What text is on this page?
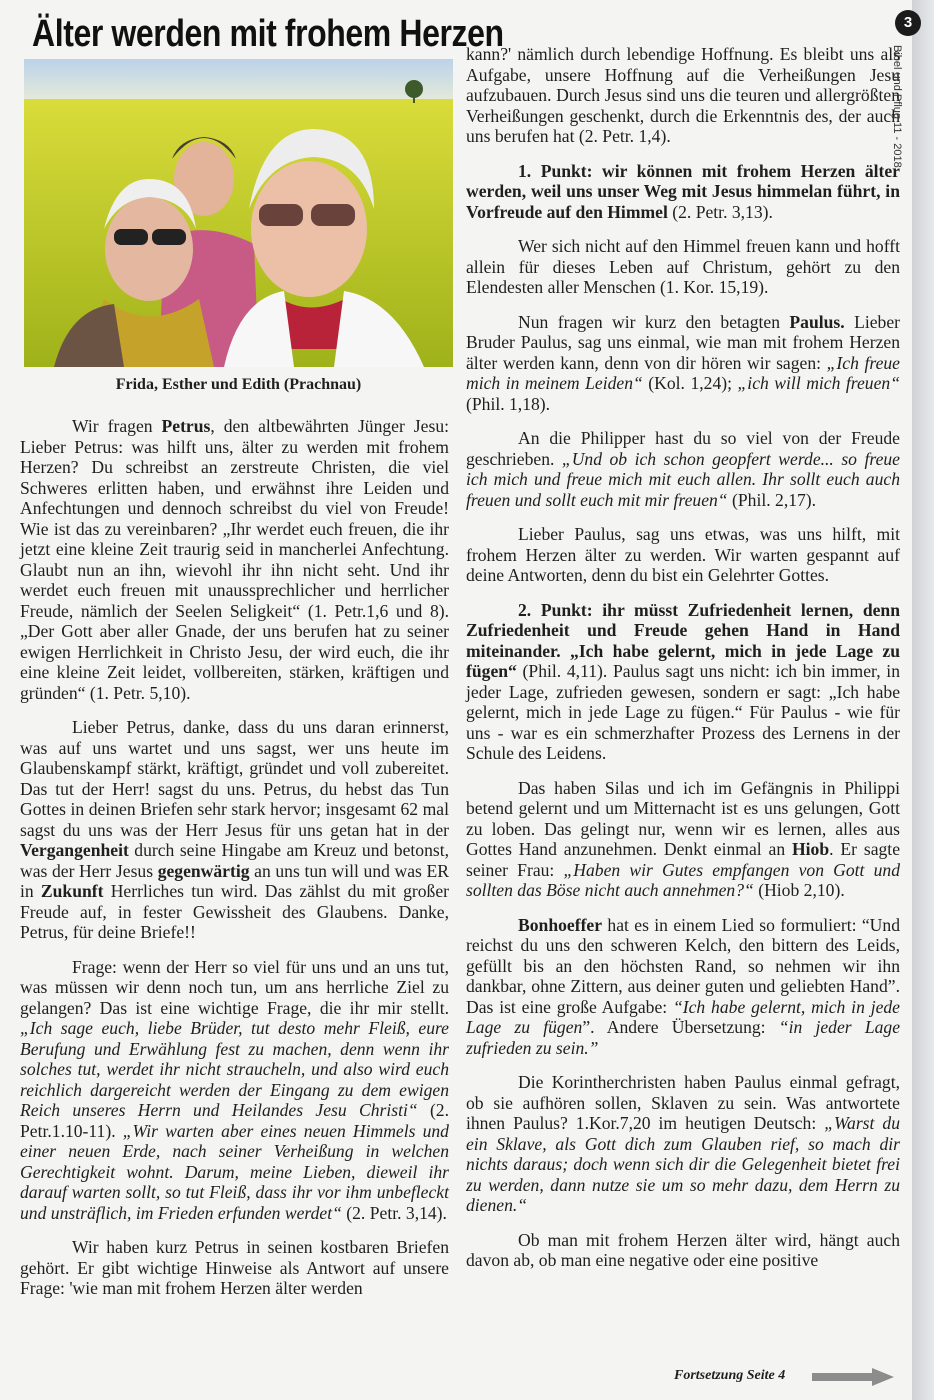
Älter werden mit frohem Herzen
Frida, Esther und Edith (Prachnau)

Wir fragen Petrus, den altbewährten Jünger Jesu: Lieber Petrus: was hilft uns, älter zu werden mit frohem Herzen? Du schreibst an zerstreute Christen, die viel Schweres erlitten haben, und erwähnst ihre Leiden und Anfechtungen und dennoch schreibst du viel von Freude! Wie ist das zu vereinbaren? „Ihr werdet euch freuen, die ihr jetzt eine kleine Zeit traurig seid in mancherlei Anfechtung. Glaubt nun an ihn, wievohl ihr ihn nicht seht. Und ihr werdet euch freuen mit unaussprechlicher und herrlicher Freude, nämlich der Seelen Seligkeit“ (1. Petr.1,6 und 8). „Der Gott aber aller Gnade, der uns berufen hat zu seiner ewigen Herrlichkeit in Christo Jesu, der wird euch, die ihr eine kleine Zeit leidet, vollbereiten, stärken, kräftigen und gründen“ (1. Petr. 5,10).

Lieber Petrus, danke, dass du uns daran erinnerst, was auf uns wartet und uns sagst, wer uns heute im Glaubenskampf stärkt, kräftigt, gründet und voll zubereitet. Das tut der Herr! sagst du uns. Petrus, du hebst das Tun Gottes in deinen Briefen sehr stark hervor; insgesamt 62 mal sagst du uns was der Herr Jesus für uns getan hat in der Vergangenheit durch seine Hingabe am Kreuz und betonst, was der Herr Jesus gegenwärtig an uns tun will und was ER in Zukunft Herrliches tun wird. Das zählst du mit großer Freude auf, in fester Gewissheit des Glaubens. Danke, Petrus, für deine Briefe!!

Frage: wenn der Herr so viel für uns und an uns tut, was müssen wir denn noch tun, um ans herrliche Ziel zu gelangen? Das ist eine wichtige Frage, die ihr mir stellt. „Ich sage euch, liebe Brüder, tut desto mehr Fleiß, eure Berufung und Erwählung fest zu machen, denn wenn ihr solches tut, werdet ihr nicht straucheln, und also wird euch reichlich dargereicht werden der Eingang zu dem ewigen Reich unseres Herrn und Heilandes Jesu Christi“ (2. Petr.1.10-11). „Wir warten aber eines neuen Himmels und einer neuen Erde, nach seiner Verheißung in welchen Gerechtigkeit wohnt. Darum, meine Lieben, dieweil ihr darauf warten sollt, so tut Fleiß, dass ihr vor ihm unbefleckt und unsträflich, im Frieden erfunden werdet“ (2. Petr. 3,14).

Wir haben kurz Petrus in seinen kostbaren Briefen gehört. Er gibt wichtige Hinweise als Antwort auf unsere Frage: 'wie man mit frohem Herzen älter werden

kann?' nämlich durch lebendige Hoffnung. Es bleibt uns als Aufgabe, unsere Hoffnung auf die Verheißungen Jesu aufzubauen. Durch Jesus sind uns die teuren und allergrößten Verheißungen geschenkt, durch die Erkenntnis des, der auch uns berufen hat (2. Petr. 1,4).

1. Punkt: wir können mit frohem Herzen älter werden, weil uns unser Weg mit Jesus himmelan führt, in Vorfreude auf den Himmel (2. Petr. 3,13).

Wer sich nicht auf den Himmel freuen kann und hofft allein für dieses Leben auf Christum, gehört zu den Elendesten aller Menschen (1. Kor. 15,19).

Nun fragen wir kurz den betagten Paulus. Lieber Bruder Paulus, sag uns einmal, wie man mit frohem Herzen älter werden kann, denn von dir hören wir sagen: „Ich freue mich in meinem Leiden“ (Kol. 1,24); „ich will mich freuen“ (Phil. 1,18).

An die Philipper hast du so viel von der Freude geschrieben. „Und ob ich schon geopfert werde... so freue ich mich und freue mich mit euch allen. Ihr sollt euch auch freuen und sollt euch mit mir freuen“ (Phil. 2,17).

Lieber Paulus, sag uns etwas, was uns hilft, mit frohem Herzen älter zu werden. Wir warten gespannt auf deine Antworten, denn du bist ein Gelehrter Gottes.

2. Punkt: ihr müsst Zufriedenheit lernen, denn Zufriedenheit und Freude gehen Hand in Hand miteinander. „Ich habe gelernt, mich in jede Lage zu fügen“ (Phil. 4,11). Paulus sagt uns nicht: ich bin immer, in jeder Lage, zufrieden gewesen, sondern er sagt: „Ich habe gelernt, mich in jede Lage zu fügen.“ Für Paulus - wie für uns - war es ein schmerzhafter Prozess des Lernens in der Schule des Leidens.

Das haben Silas und ich im Gefängnis in Philippi betend gelernt und um Mitternacht ist es uns gelungen, Gott zu loben. Das gelingt nur, wenn wir es lernen, alles aus Gottes Hand anzunehmen. Denkt einmal an Hiob. Er sagte seiner Frau: „Haben wir Gutes empfangen von Gott und sollten das Böse nicht auch annehmen?“ (Hiob 2,10).

Bonhoeffer hat es in einem Lied so formuliert: “Und reichst du uns den schweren Kelch, den bittern des Leids, gefüllt bis an den höchsten Rand, so nehmen wir ihn dankbar, ohne Zittern, aus deiner guten und geliebten Hand”. Das ist eine große Aufgabe: “Ich habe gelernt, mich in jede Lage zu fügen”. Andere Übersetzung: “in jeder Lage zufrieden zu sein.”

Die Korintherchristen haben Paulus einmal gefragt, ob sie aufhören sollen, Sklaven zu sein. Was antwortete ihnen Paulus? 1.Kor.7,20 im heutigen Deutsch: „Warst du ein Sklave, als Gott dich zum Glauben rief, so mach dir nichts daraus; doch wenn sich dir die Gelegenheit bietet frei zu werden, dann nutze sie um so mehr dazu, dem Herrn zu dienen.“

Ob man mit frohem Herzen älter wird, hängt auch davon ab, ob man eine negative oder eine positive

Fortsetzung Seite 4
3
Bibel und Pflug 11 - 2018
